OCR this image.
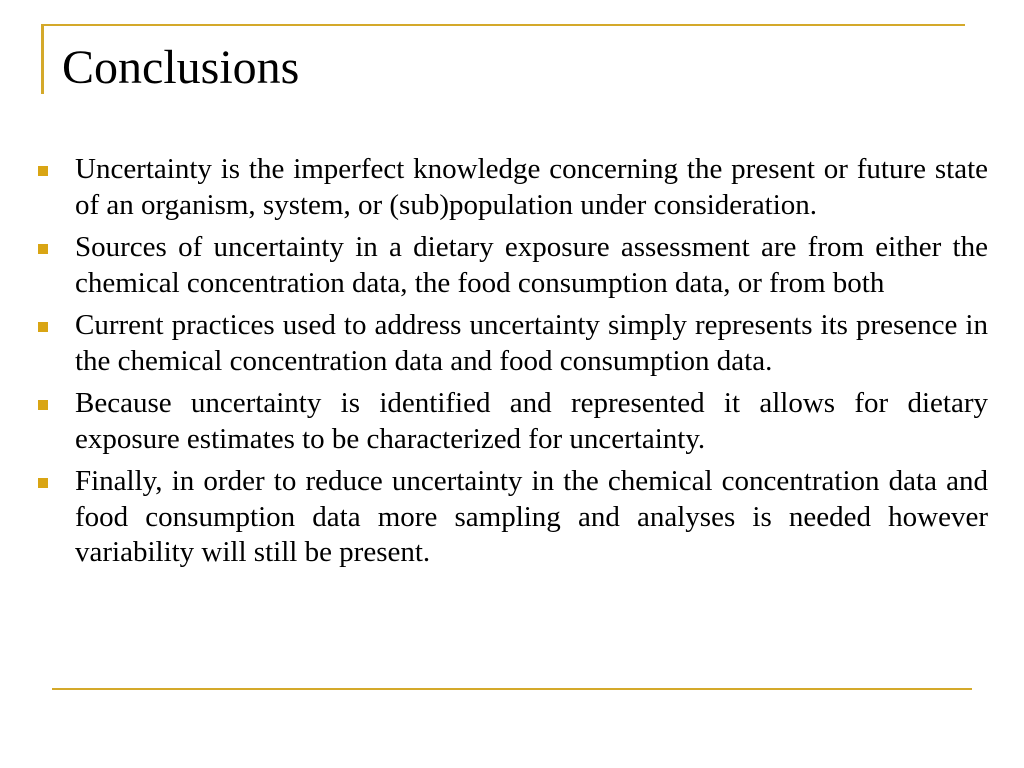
Conclusions
Uncertainty is the imperfect knowledge concerning the present or future state of an organism, system, or (sub)population under consideration.
Sources of uncertainty in a dietary exposure assessment are from either the chemical concentration data, the food consumption data, or from both
Current practices used to address uncertainty simply represents its presence in the chemical concentration data and food consumption data.
Because uncertainty is identified and represented it allows for dietary exposure estimates to be characterized for uncertainty.
Finally, in order to reduce uncertainty in the chemical concentration data and food consumption data more sampling and analyses is needed however variability will still be present.
